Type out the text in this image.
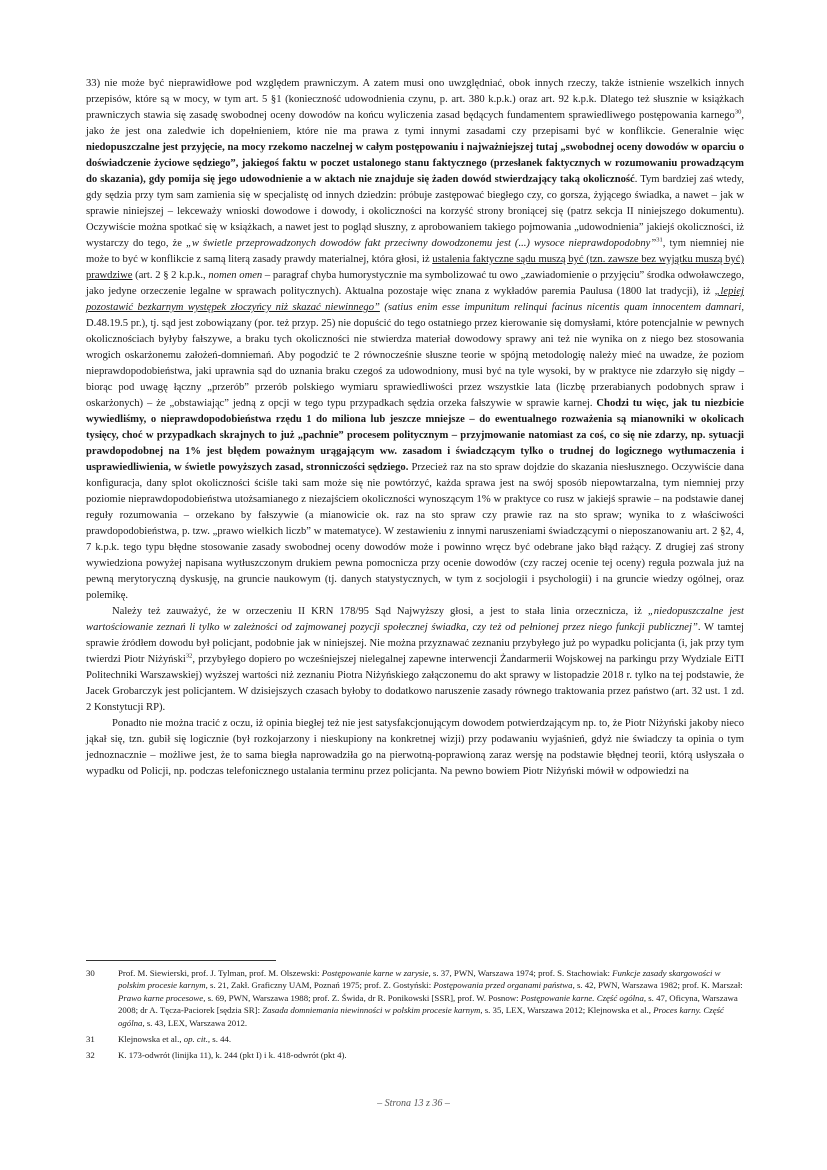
33) nie może być nieprawidłowe pod względem prawniczym. A zatem musi ono uwzględniać, obok innych rzeczy, także istnienie wszelkich innych przepisów, które są w mocy, w tym art. 5 §1 (konieczność udowodnienia czynu, p. art. 380 k.p.k.) oraz art. 92 k.p.k. Dlatego też słusznie w książkach prawniczych stawia się zasadę swobodnej oceny dowodów na końcu wyliczenia zasad będących fundamentem sprawiedliwego postępowania karnego$^{30}$, jako że jest ona zaledwie ich dopełnieniem, które nie ma prawa z tymi innymi zasadami czy przepisami być w konflikcie. Generalnie więc niedopuszczalne jest przyjęcie, na mocy rzekomo naczelnej w całym postępowaniu i najważniejszej tutaj „swobodnej oceny dowodów w oparciu o doświadczenie życiowe sędziego”, jakiegoś faktu w poczet ustalonego stanu faktycznego (przesłanek faktycznych w rozumowaniu prowadzącym do skazania), gdy pomija się jego udowodnienie a w aktach nie znajduje się żaden dowód stwierdzający taką okoliczność. Tym bardziej zaś wtedy, gdy sędzia przy tym sam zamienia się w specjalistę od innych dziedzin: próbuje zastępować biegłego czy, co gorsza, żyjącego świadka, a nawet – jak w sprawie niniejszej – lekceważy wnioski dowodowe i dowody, i okoliczności na korzyść strony broniącej się (patrz sekcja II niniejszego dokumentu). Oczywiście można spotkać się w książkach, a nawet jest to pogląd słuszny, z aprobowaniem takiego pojmowania „udowodnienia” jakiejś okoliczności, iż wystarczy do tego, że „w świetle przeprowadzonych dowodów fakt przeciwny dowodzonemu jest (...) wysoce nieprawdopodobny”$^{31}$, tym niemniej nie może to być w konflikcie z samą literą zasady prawdy materialnej, która głosi, iż ustalenia faktyczne sądu muszą być (tzn. zawsze bez wyjątku muszą być) prawdziwe (art. 2 § 2 k.p.k., nomen omen – paragraf chyba humorystycznie ma symbolizować tu owo „zawiadomienie o przyjęciu” środka odwoławczego, jako jedyne orzeczenie legalne w sprawach politycznych). Aktualna pozostaje więc znana z wykładów paremia Paulusa (1800 lat tradycji), iż „lepiej pozostawić bezkarnym występek złoczyńcy niż skazać niewinnego” (satius enim esse impunitum relinqui facinus nicentis quam innocentem damnari, D.48.19.5 pr.), tj. sąd jest zobowiązany (por. też przyp. 25) nie dopuścić do tego ostatniego przez kierowanie się domysłami, które potencjalnie w pewnych okolicznościach byłyby fałszywe, a braku tych okoliczności nie stwierdza materiał dowodowy sprawy ani też nie wynika on z niego bez stosowania wrogich oskarżonemu założeń-domniemań. Aby pogodzić te 2 równocześnie słuszne teorie w spójną metodologię należy mieć na uwadze, że poziom nieprawdopodobieństwa, jaki uprawnia sąd do uznania braku czegoś za udowodniony, musi być na tyle wysoki, by w praktyce nie zdarzyło się nigdy – biorąc pod uwagę łączny „przerób” przerób polskiego wymiaru sprawiedliwości przez wszystkie lata (liczbę przerabianych podobnych spraw i oskarżonych) – że „obstawiając” jedną z opcji w tego typu przypadkach sędzia orzeka fałszywie w sprawie karnej. Chodzi tu więc, jak tu niezbicie wywiedliśmy, o nieprawdopodobieństwa rzędu 1 do miliona lub jeszcze mniejsze – do ewentualnego rozważenia są mianowniki w okolicach tysięcy, choć w przypadkach skrajnych to już „pachnie” procesem politycznym – przyjmowanie natomiast za coś, co się nie zdarzy, np. sytuacji prawdopodobnej na 1% jest błędem poważnym urągającym ww. zasadom i świadczącym tylko o trudnej do logicznego wytłumaczenia i usprawiedliwienia, w świetle powyższych zasad, stronniczości sędziego. Przecież raz na sto spraw dojdzie do skazania niesłusznego. Oczywiście dana konfiguracja, dany splot okoliczności ściśle taki sam może się nie powtórzyć, każda sprawa jest na swój sposób niepowtarzalna, tym niemniej przy poziomie nieprawdopodobieństwa utożsamianego z niezajściem okoliczności wynoszącym 1% w praktyce co rusz w jakiejś sprawie – na podstawie danej reguły rozumowania – orzekano by fałszywie (a mianowicie ok. raz na sto spraw czy prawie raz na sto spraw; wynika to z właściwości prawdopodobieństwa, p. tzw. „prawo wielkich liczb” w matematyce). W zestawieniu z innymi naruszeniami świadczącymi o nieposzanowaniu art. 2 §2, 4, 7 k.p.k. tego typu błędne stosowanie zasady swobodnej oceny dowodów może i powinno wręcz być odebrane jako błąd rażący. Z drugiej zaś strony wywiedziona powyżej napisana wytłuszczonym drukiem pewna pomocnicza przy ocenie dowodów (czy raczej ocenie tej oceny) reguła pozwala już na pewną merytoryczną dyskusję, na gruncie naukowym (tj. danych statystycznych, w tym z socjologii i psychologii) i na gruncie wiedzy ogólnej, oraz polemikę.

Należy też zauważyć, że w orzeczeniu II KRN 178/95 Sąd Najwyższy głosi, a jest to stała linia orzecznicza, iż „niedopuszczalne jest wartościowanie zeznań li tylko w zależności od zajmowanej pozycji społecznej świadka, czy też od pełnionej przez niego funkcji publicznej”. W tamtej sprawie źródłem dowodu był policjant, podobnie jak w niniejszej. Nie można przyznawać zeznaniu przybyłego już po wypadku policjanta (i, jak przy tym twierdzi Piotr Niżyński$^{32}$, przybyłego dopiero po wcześniejszej nielegalnej zapewne interwencji Żandarmerii Wojskowej na parkingu przy Wydziale EiTI Politechniki Warszawskiej) wyższej wartości niż zeznaniu Piotra Niżyńskiego załączonemu do akt sprawy w listopadzie 2018 r. tylko na tej podstawie, że Jacek Grobarczyk jest policjantem. W dzisiejszych czasach byłoby to dodatkowo naruszenie zasady równego traktowania przez państwo (art. 32 ust. 1 zd. 2 Konstytucji RP).

Ponadto nie można tracić z oczu, iż opinia biegłej też nie jest satysfakcjonującym dowodem potwierdzającym np. to, że Piotr Niżyński jakoby nieco jąkał się, tzn. gubił się logicznie (był rozkojarzony i nieskupiony na konkretnej wizji) przy podawaniu wyjaśnień, gdyż nie świadczy ta opinia o tym jednoznacznie – możliwe jest, że to sama biegła naprowadziła go na pierwotną-poprawioną zaraz wersję na podstawie błędnej teorii, którą usłyszała o wypadku od Policji, np. podczas telefonicznego ustalania terminu przez policjanta. Na pewno bowiem Piotr Niżyński mówił w odpowiedzi na

30	Prof. M. Siewierski, prof. J. Tylman, prof. M. Olszewski: Postępowanie karne w zarysie, s. 37, PWN, Warszawa 1974; prof. S. Stachowiak: Funkcje zasady skargowości w polskim procesie karnym, s. 21, Zakł. Graficzny UAM, Poznań 1975; prof. Z. Gostyński: Postępowania przed organami państwa, s. 42, PWN, Warszawa 1982; prof. K. Marszał: Prawo karne procesowe, s. 69, PWN, Warszawa 1988; prof. Z. Świda, dr R. Ponikowski [SSR], prof. W. Posnow: Postępowanie karne. Część ogólna, s. 47, Oficyna, Warszawa 2008; dr A. Tęcza-Paciorek [sędzia SR]: Zasada domniemania niewinności w polskim procesie karnym, s. 35, LEX, Warszawa 2012; Klejnowska et al., Proces karny. Część ogólna, s. 43, LEX, Warszawa 2012.
31	Klejnowska et al., op. cit., s. 44.
32	K. 173-odwrót (linijka 11), k. 244 (pkt I) i k. 418-odwrót (pkt 4).
– Strona 13 z 36 –
